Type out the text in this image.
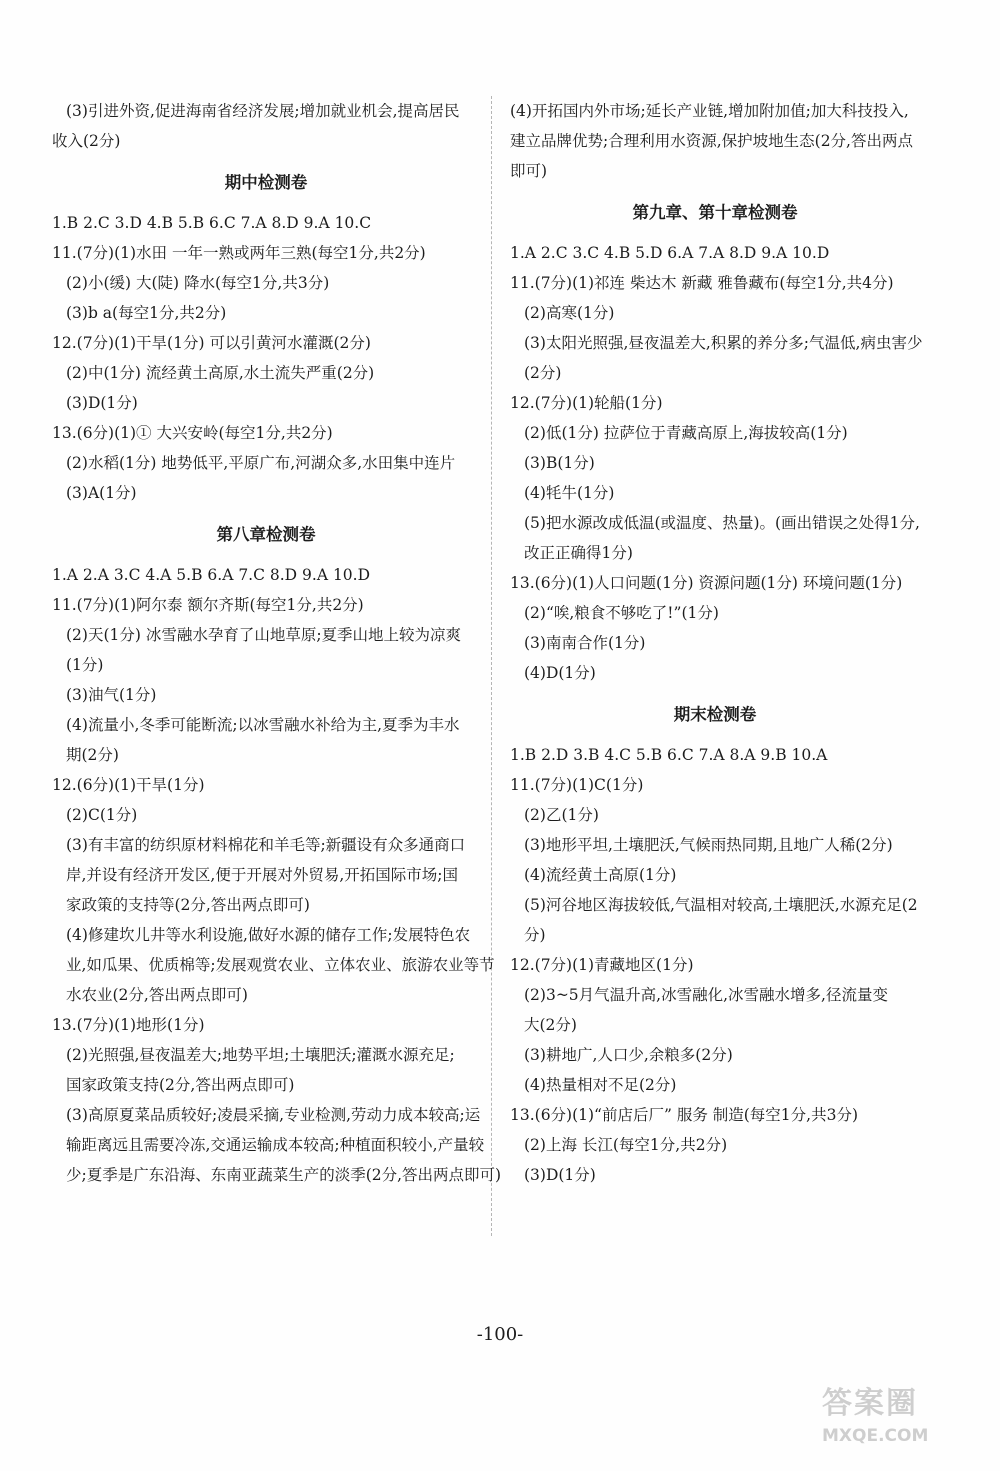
(3)引进外资,促进海南省经济发展;增加就业机会,提高居民
收入(2分)
期中检测卷
1.B 2.C 3.D 4.B 5.B 6.C 7.A 8.D 9.A 10.C
11.(7分)(1)水田 一年一熟或两年三熟(每空1分,共2分)
(2)小(缓) 大(陡) 降水(每空1分,共3分)
(3)b a(每空1分,共2分)
12.(7分)(1)干旱(1分) 可以引黄河水灌溉(2分)
(2)中(1分) 流经黄土高原,水土流失严重(2分)
(3)D(1分)
13.(6分)(1)① 大兴安岭(每空1分,共2分)
(2)水稻(1分) 地势低平,平原广布,河湖众多,水田集中连片
(3)A(1分)
第八章检测卷
1.A 2.A 3.C 4.A 5.B 6.A 7.C 8.D 9.A 10.D
11.(7分)(1)阿尔泰 额尔齐斯(每空1分,共2分)
(2)天(1分) 冰雪融水孕育了山地草原;夏季山地上较为凉爽
(1分)
(3)油气(1分)
(4)流量小,冬季可能断流;以冰雪融水补给为主,夏季为丰水
期(2分)
12.(6分)(1)干旱(1分)
(2)C(1分)
(3)有丰富的纺织原材料棉花和羊毛等;新疆设有众多通商口
岸,并设有经济开发区,便于开展对外贸易,开拓国际市场;国
家政策的支持等(2分,答出两点即可)
(4)修建坎儿井等水利设施,做好水源的储存工作;发展特色农
业,如瓜果、优质棉等;发展观赏农业、立体农业、旅游农业等节
水农业(2分,答出两点即可)
13.(7分)(1)地形(1分)
(2)光照强,昼夜温差大;地势平坦;土壤肥沃;灌溉水源充足;
国家政策支持(2分,答出两点即可)
(3)高原夏菜品质较好;凌晨采摘,专业检测,劳动力成本较高;运
输距离远且需要冷冻,交通运输成本较高;种植面积较小,产量较
少;夏季是广东沿海、东南亚蔬菜生产的淡季(2分,答出两点即可)
(4)开拓国内外市场;延长产业链,增加附加值;加大科技投入,
建立品牌优势;合理利用水资源,保护坡地生态(2分,答出两点
即可)
第九章、第十章检测卷
1.A 2.C 3.C 4.B 5.D 6.A 7.A 8.D 9.A 10.D
11.(7分)(1)祁连 柴达木 新藏 雅鲁藏布(每空1分,共4分)
(2)高寒(1分)
(3)太阳光照强,昼夜温差大,积累的养分多;气温低,病虫害少
(2分)
12.(7分)(1)轮船(1分)
(2)低(1分) 拉萨位于青藏高原上,海拔较高(1分)
(3)B(1分)
(4)牦牛(1分)
(5)把水源改成低温(或温度、热量)。(画出错误之处得1分,
改正正确得1分)
13.(6分)(1)人口问题(1分) 资源问题(1分) 环境问题(1分)
(2)“唉,粮食不够吃了!”(1分)
(3)南南合作(1分)
(4)D(1分)
期末检测卷
1.B 2.D 3.B 4.C 5.B 6.C 7.A 8.A 9.B 10.A
11.(7分)(1)C(1分)
(2)乙(1分)
(3)地形平坦,土壤肥沃,气候雨热同期,且地广人稀(2分)
(4)流经黄土高原(1分)
(5)河谷地区海拔较低,气温相对较高,土壤肥沃,水源充足(2
分)
12.(7分)(1)青藏地区(1分)
(2)3~5月气温升高,冰雪融化,冰雪融水增多,径流量变
大(2分)
(3)耕地广,人口少,余粮多(2分)
(4)热量相对不足(2分)
13.(6分)(1)“前店后厂” 服务 制造(每空1分,共3分)
(2)上海 长江(每空1分,共2分)
(3)D(1分)
-100-
答案圈
MXQE.COM
